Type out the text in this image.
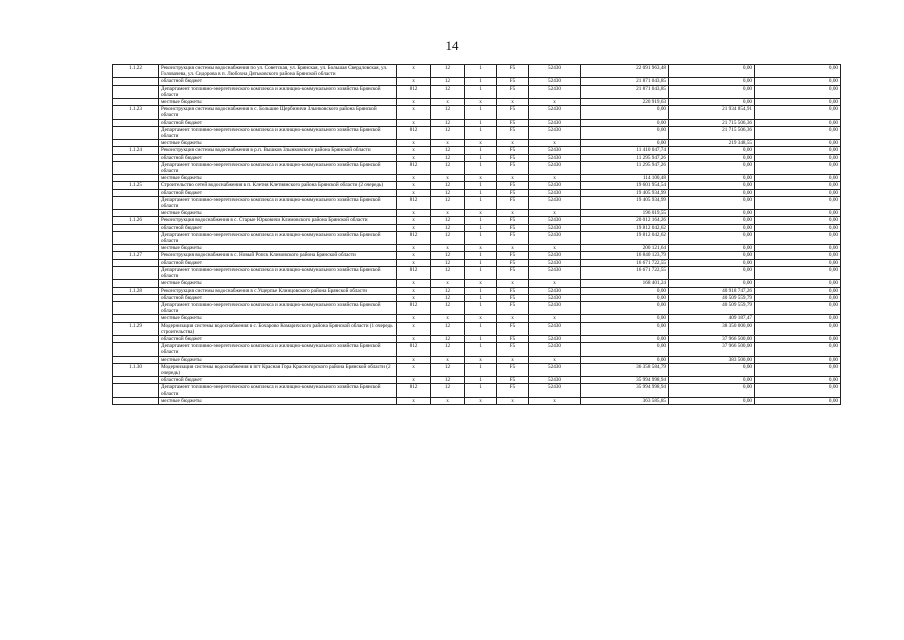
14
1.1.22	Реконструкция системы водоснабжения по ул. Советская, ул. Брянская, ул. Большая Свердловская, ул. Головачева, ул. Сидорова в п. Любохна Дятьковского района Брянской области	x	12	1	F5	52430	22 091 963,48	0,00	0,00
	областной бюджет	x	12	1	F5	52430	21 871 043,85	0,00	0,00
	Департамент топливно-энергетического комплекса и жилищно-коммунального хозяйства Брянской области	812	12	1	F5	52430	21 871 043,85	0,00	0,00
	местные бюджеты	x	x	x	x	x	220 919,63	0,00	0,00
1.1.23	Реконструкция системы водоснабжения в с. Большие Щербиничи Злынковского района Брянской области	x	12	1	F5	52430	0,00	21 934 854,91	0,00
	областной бюджет	x	12	1	F5	52430	0,00	21 715 506,36	0,00
	Департамент топливно-энергетического комплекса и жилищно-коммунального хозяйства Брянской области	812	12	1	F5	52430	0,00	21 715 506,36	0,00
	местные бюджеты	x	x	x	x	x	0,00	219 348,55	0,00
1.1.24	Реконструкция системы водоснабжения в р.п. Вышков Злынковского района Брянской области	x	12	1	F5	52430	11 410 047,74	0,00	0,00
	областной бюджет	x	12	1	F5	52430	11 295 947,26	0,00	0,00
	Департамент топливно-энергетического комплекса и жилищно-коммунального хозяйства Брянской области	812	12	1	F5	52430	11 295 947,26	0,00	0,00
	местные бюджеты	x	x	x	x	x	114 100,48	0,00	0,00
1.1.25	Строительство сетей водоснабжения в п. Клетня Клетнянского района Брянской области (2 очередь)	x	12	1	F5	52430	19 601 954,54	0,00	0,00
	областной бюджет	x	12	1	F5	52430	19 405 934,99	0,00	0,00
	Департамент топливно-энергетического комплекса и жилищно-коммунального хозяйства Брянской области	812	12	1	F5	52430	19 405 934,99	0,00	0,00
	местные бюджеты	x	x	x	x	x	196 019,55	0,00	0,00
1.1.26	Реконструкция водоснабжения в с. Старые Юрковичи Климовского района Брянской области	x	12	1	F5	52430	20 012 164,26	0,00	0,00
	областной бюджет	x	12	1	F5	52430	19 812 042,62	0,00	0,00
	Департамент топливно-энергетического комплекса и жилищно-коммунального хозяйства Брянской области	812	12	1	F5	52430	19 812 042,62	0,00	0,00
	местные бюджеты	x	x	x	x	x	200 121,64	0,00	0,00
1.1.27	Реконструкция водоснабжения в с. Новый Ропск Климовского района Брянской области	x	12	1	F5	52430	16 840 123,79	0,00	0,00
	областной бюджет	x	12	1	F5	52430	16 671 722,55	0,00	0,00
	Департамент топливно-энергетического комплекса и жилищно-коммунального хозяйства Брянской области	812	12	1	F5	52430	16 671 722,55	0,00	0,00
	местные бюджеты	x	x	x	x	x	168 401,24	0,00	0,00
1.1.28	Реконструкция системы водоснабжения в с.Ущерпье Клинцовского района Брянской области	x	12	1	F5	52430	0,00	40 918 747,26	0,00
	областной бюджет	x	12	1	F5	52430	0,00	40 509 559,79	0,00
	Департамент топливно-энергетического комплекса и жилищно-коммунального хозяйства Брянской области	812	12	1	F5	52430	0,00	40 509 559,79	0,00
	местные бюджеты	x	x	x	x	x	0,00	409 187,47	0,00
1.1.29	Модернизация системы водоснабжения в с. Бочарово Комаричского района Брянской области (1 очередь строительства)	x	12	1	F5	52430	0,00	38 350 000,00	0,00
	областной бюджет	x	12	1	F5	52430	0,00	37 966 500,00	0,00
	Департамент топливно-энергетического комплекса и жилищно-коммунального хозяйства Брянской области	812	12	1	F5	52430	0,00	37 966 500,00	0,00
	местные бюджеты	x	x	x	x	x	0,00	383 500,00	0,00
1.1.30	Модернизация системы водоснабжения в пгт Красная Гора Красногорского района Брянской области (2 очередь)	x	12	1	F5	52430	36 358 584,79	0,00	0,00
	областной бюджет	x	12	1	F5	52430	35 994 998,94	0,00	0,00
	Департамент топливно-энергетического комплекса и жилищно-коммунального хозяйства Брянской области	812	12	1	F5	52430	35 994 998,94	0,00	0,00
	местные бюджеты	x	x	x	x	x	363 585,85	0,00	0,00
